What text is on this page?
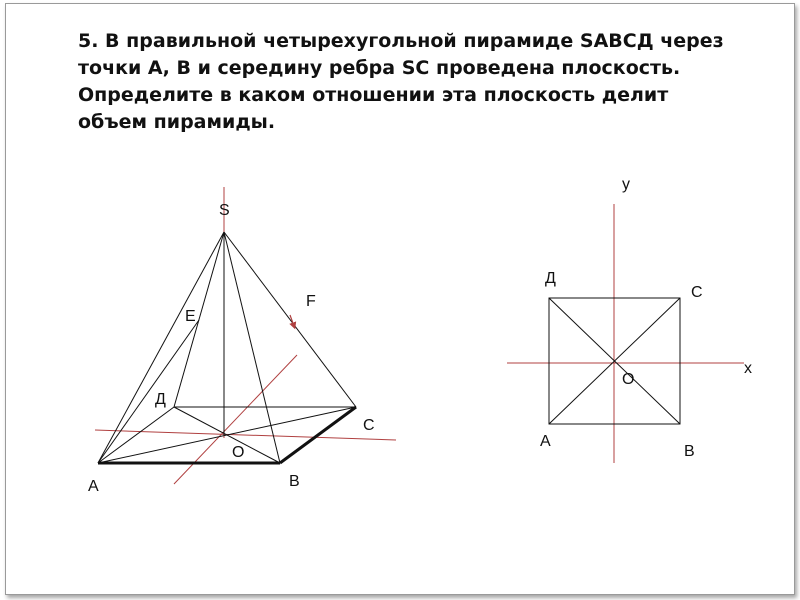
5. В правильной четырехугольной пирамиде SABCД через точки А, В и середину ребра SC проведена плоскость. Определите в каком отношении эта плоскость делит объем пирамиды.

S
E
F
Д
C
O
A	B
y
x
Д
C
O
A
B
